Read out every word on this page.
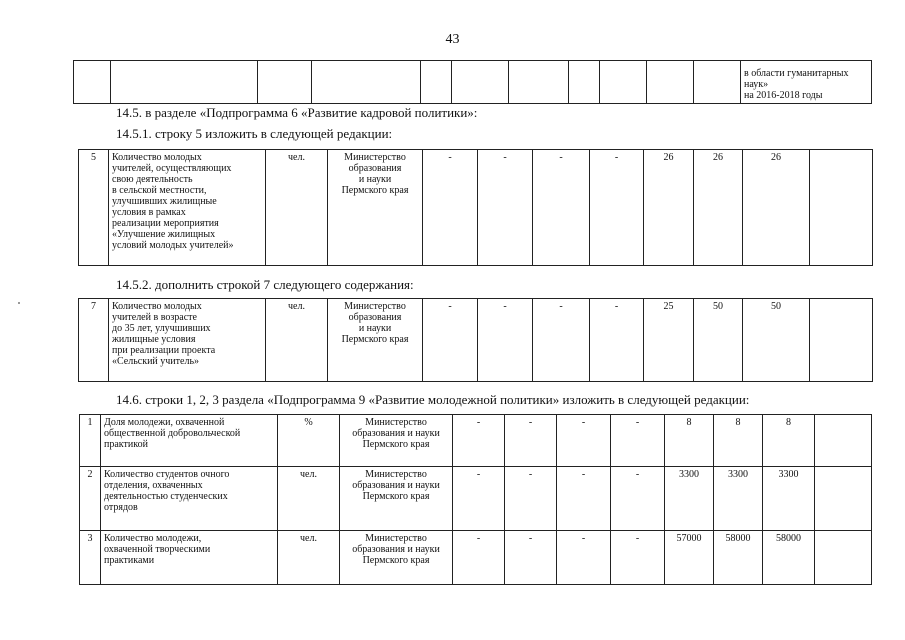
43

в области гуманитарных наук»
на 2016-2018 годы
14.5. в разделе «Подпрограмма 6 «Развитие кадровой политики»:
14.5.1. строку 5 изложить в следующей редакции:
5	Количество молодых
учителей, осуществляющих
свою деятельность
в сельской местности,
улучшивших жилищные
условия в рамках
реализации мероприятия
«Улучшение жилищных
условий молодых учителей»
	чел.	Министерство
образования
и науки
Пермского края
	-	-	-	-	26	26	26	
14.5.2. дополнить строкой 7 следующего содержания:
7	Количество молодых
учителей в возрасте
до 35 лет, улучшивших
жилищные условия
при реализации проекта
«Сельский учитель»
	чел.	Министерство
образования
и науки
Пермского края
	-	-	-	-	25	50	50	
14.6. строки 1, 2, 3 раздела «Подпрограмма 9 «Развитие молодежной политики» изложить в следующей редакции:
1	Доля молодежи, охваченной
общественной добровольческой
практикой	%	Министерство
образования и науки
Пермского края	-	-	-	-	8	8	8	
2	Количество студентов очного
отделения, охваченных
деятельностью студенческих
отрядов	чел.	Министерство
образования и науки
Пермского края	-	-	-	-	3300	3300	3300	
3	Количество молодежи,
охваченной творческими
практиками	чел.	Министерство
образования и науки
Пермского края	-	-	-	-	57000	58000	58000	
